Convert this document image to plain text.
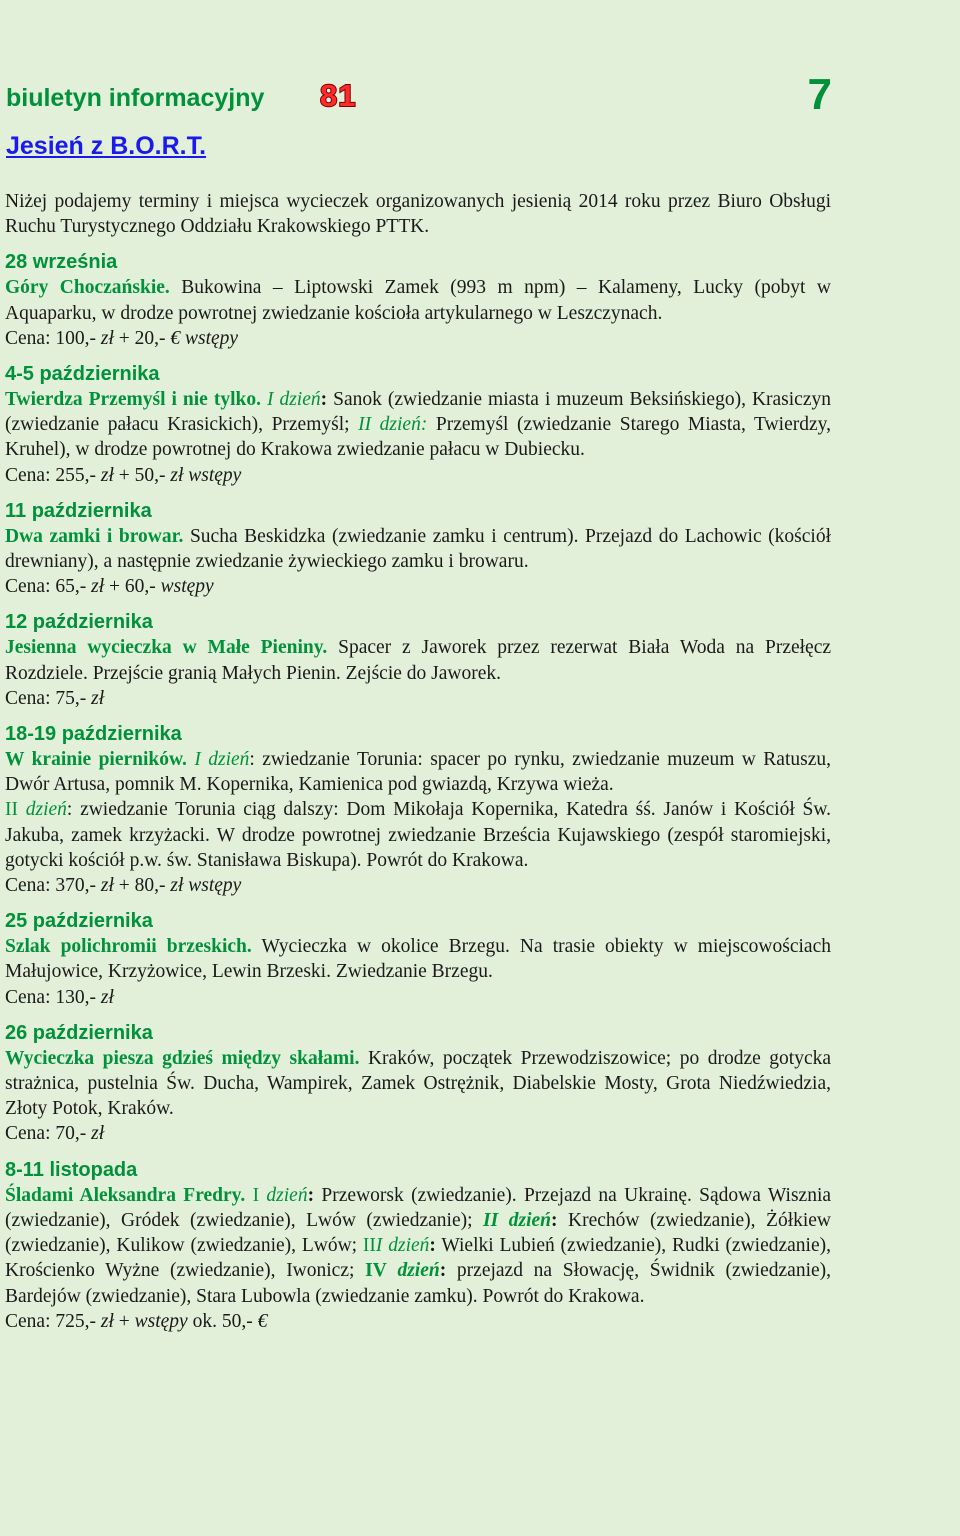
biuletyn informacyjny 81	7
Jesień z B.O.R.T.

Niżej podajemy terminy i miejsca wycieczek organizowanych jesienią 2014 roku przez Biuro Obsługi Ruchu Turystycznego Oddziału Krakowskiego PTTK.

28 września
Góry Choczańskie. Bukowina – Liptowski Zamek (993 m npm) – Kalameny, Lucky (pobyt w Aquaparku, w drodze powrotnej zwiedzanie kościoła artykularnego w Leszczynach.
Cena: 100,- zł + 20,- € wstępy
4-5 października
Twierdza Przemyśl i nie tylko. I dzień: Sanok (zwiedzanie miasta i muzeum Beksińskiego), Krasiczyn (zwiedzanie pałacu Krasickich), Przemyśl; II dzień: Przemyśl (zwiedzanie Starego Miasta, Twierdzy, Kruhel), w drodze powrotnej do Krakowa zwiedzanie pałacu w Dubiecku.
Cena: 255,- zł + 50,- zł wstępy
11 października
Dwa zamki i browar. Sucha Beskidzka (zwiedzanie zamku i centrum). Przejazd do Lachowic (kościół drewniany), a następnie zwiedzanie żywieckiego zamku i browaru.
Cena: 65,- zł + 60,- wstępy
12 października
Jesienna wycieczka w Małe Pieniny. Spacer z Jaworek przez rezerwat Biała Woda na Przełęcz Rozdziele. Przejście granią Małych Pienin. Zejście do Jaworek.
Cena: 75,- zł
18-19 października
W krainie pierników. I dzień: zwiedzanie Torunia: spacer po rynku, zwiedzanie muzeum w Ratuszu, Dwór Artusa, pomnik M. Kopernika, Kamienica pod gwiazdą, Krzywa wieża.
II dzień: zwiedzanie Torunia ciąg dalszy: Dom Mikołaja Kopernika, Katedra śś. Janów i Kościół Św. Jakuba, zamek krzyżacki. W drodze powrotnej zwiedzanie Brześcia Kujawskiego (zespół staromiejski, gotycki kościół p.w. św. Stanisława Biskupa). Powrót do Krakowa.
Cena: 370,- zł + 80,- zł wstępy
25 października
Szlak polichromii brzeskich. Wycieczka w okolice Brzegu. Na trasie obiekty w miejscowościach Małujowice, Krzyżowice, Lewin Brzeski. Zwiedzanie Brzegu.
Cena: 130,- zł
26 października
Wycieczka piesza gdzieś między skałami. Kraków, początek Przewodziszowice; po drodze gotycka strażnica, pustelnia Św. Ducha, Wampirek, Zamek Ostrężnik, Diabelskie Mosty, Grota Niedźwiedzia, Złoty Potok, Kraków.
Cena: 70,- zł
8-11 listopada
Śladami Aleksandra Fredry. I dzień: Przeworsk (zwiedzanie). Przejazd na Ukrainę. Sądowa Wisznia (zwiedzanie), Gródek (zwiedzanie), Lwów (zwiedzanie); II dzień: Krechów (zwiedzanie), Żółkiew (zwiedzanie), Kulikow (zwiedzanie), Lwów; III dzień: Wielki Lubień (zwiedzanie), Rudki (zwiedzanie), Krościenko Wyżne (zwiedzanie), Iwonicz; IV dzień: przejazd na Słowację, Świdnik (zwiedzanie), Bardejów (zwiedzanie), Stara Lubowla (zwiedzanie zamku). Powrót do Krakowa.
Cena: 725,- zł + wstępy ok. 50,- €
